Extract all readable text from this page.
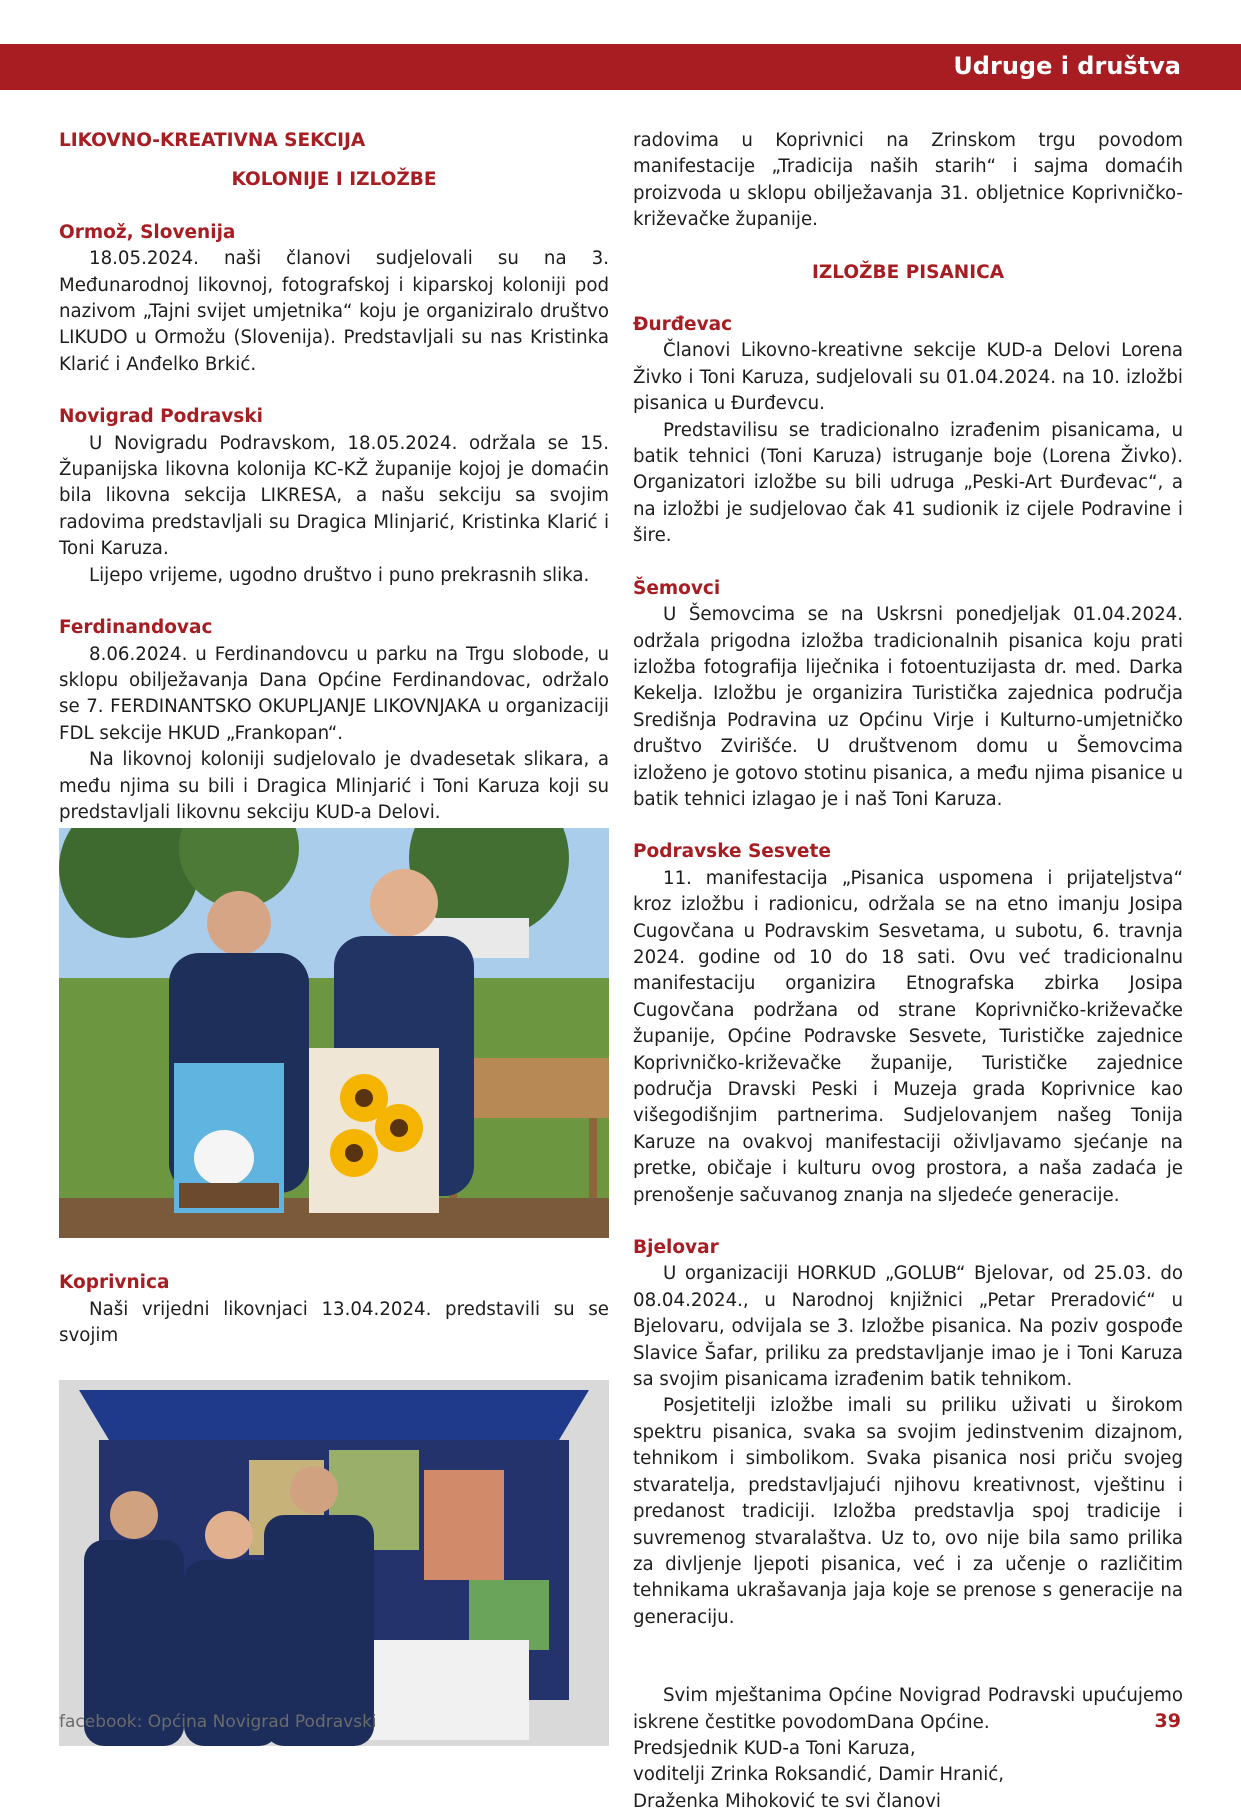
Udruge i društva
LIKOVNO-KREATIVNA SEKCIJA
KOLONIJE I IZLOŽBE
Ormož, Slovenija

18.05.2024. naši članovi sudjelovali su na 3. Međunarodnoj likovnoj, fotografskoj i kiparskoj koloniji pod nazivom „Tajni svijet umjetnika“ koju je organiziralo društvo LIKUDO u Ormožu (Slovenija). Predstavljali su nas Kristinka Klarić i Anđelko Brkić.

Novigrad Podravski

U Novigradu Podravskom, 18.05.2024. održala se 15. Županijska likovna kolonija KC-KŽ županije kojoj je domaćin bila likovna sekcija LIKRESA, a našu sekciju sa svojim radovima predstavljali su Dragica Mlinjarić, Kristinka Klarić i Toni Karuza.

Lijepo vrijeme, ugodno društvo i puno prekrasnih slika.

Ferdinandovac

8.06.2024. u Ferdinandovcu u parku na Trgu slobode, u sklopu obilježavanja Dana Općine Ferdinandovac, održalo se 7. FERDINANTSKO OKUPLJANJE LIKOVNJAKA u organizaciji FDL sekcije HKUD „Frankopan“.

Na likovnoj koloniji sudjelovalo je dvadesetak slikara, a među njima su bili i Dragica Mlinjarić i Toni Karuza koji su predstavljali likovnu sekciju KUD-a Delovi.

Koprivnica

Naši vrijedni likovnjaci 13.04.2024. predstavili su se svojim

radovima u Koprivnici na Zrinskom trgu povodom manifestacije „Tradicija naših starih“ i sajma domaćih proizvoda u sklopu obilježavanja 31. obljetnice Koprivničko-križevačke županije.

IZLOŽBE PISANICA
Đurđevac

Članovi Likovno-kreativne sekcije KUD-a Delovi Lorena Živko i Toni Karuza, sudjelovali su 01.04.2024. na 10. izložbi pisanica u Đurđevcu.

Predstavilisu se tradicionalno izrađenim pisanicama, u batik tehnici (Toni Karuza) istruganje boje (Lorena Živko). Organizatori izložbe su bili udruga „Peski-Art Đurđevac“, a na izložbi je sudjelovao čak 41 sudionik iz cijele Podravine i šire.

Šemovci

U Šemovcima se na Uskrsni ponedjeljak 01.04.2024. održala prigodna izložba tradicionalnih pisanica koju prati izložba fotografija liječnika i fotoentuzijasta dr. med. Darka Kekelja. Izložbu je organizira Turistička zajednica područja Središnja Podravina uz Općinu Virje i Kulturno-umjetničko društvo Zvirišće. U društvenom domu u Šemovcima izloženo je gotovo stotinu pisanica, a među njima pisanice u batik tehnici izlagao je i naš Toni Karuza.

Podravske Sesvete

11. manifestacija „Pisanica uspomena i prijateljstva“ kroz izložbu i radionicu, održala se na etno imanju Josipa Cugovčana u Podravskim Sesvetama, u subotu, 6. travnja 2024. godine od 10 do 18 sati. Ovu već tradicionalnu manifestaciju organizira Etnografska zbirka Josipa Cugovčana podržana od strane Koprivničko-križevačke županije, Općine Podravske Sesvete, Turističke zajednice Koprivničko-križevačke županije, Turističke zajednice područja Dravski Peski i Muzeja grada Koprivnice kao višegodišnjim partnerima. Sudjelovanjem našeg Tonija Karuze na ovakvoj manifestaciji oživljavamo sjećanje na pretke, običaje i kulturu ovog prostora, a naša zadaća je prenošenje sačuvanog znanja na sljedeće generacije.

Bjelovar

U organizaciji HORKUD „GOLUB“ Bjelovar, od 25.03. do 08.04.2024., u Narodnoj knjižnici „Petar Preradović“ u Bjelovaru, odvijala se 3. Izložbe pisanica. Na poziv gospođe Slavice Šafar, priliku za predstavljanje imao je i Toni Karuza sa svojim pisanicama izrađenim batik tehnikom.

Posjetitelji izložbe imali su priliku uživati u širokom spektru pisanica, svaka sa svojim jedinstvenim dizajnom, tehnikom i simbolikom. Svaka pisanica nosi priču svojeg stvaratelja, predstavljajući njihovu kreativnost, vještinu i predanost tradiciji. Izložba predstavlja spoj tradicije i suvremenog stvaralaštva. Uz to, ovo nije bila samo prilika za divljenje ljepoti pisanica, već i za učenje o različitim tehnikama ukrašavanja jaja koje se prenose s generacije na generaciju.

Svim mještanima Općine Novigrad Podravski upućujemo iskrene čestitke povodomDana Općine.

Predsjednik KUD-a Toni Karuza,

voditelji Zrinka Roksandić, Damir Hranić,

Draženka Mihoković te svi članovi

facebook: Općina Novigrad Podravski	39
